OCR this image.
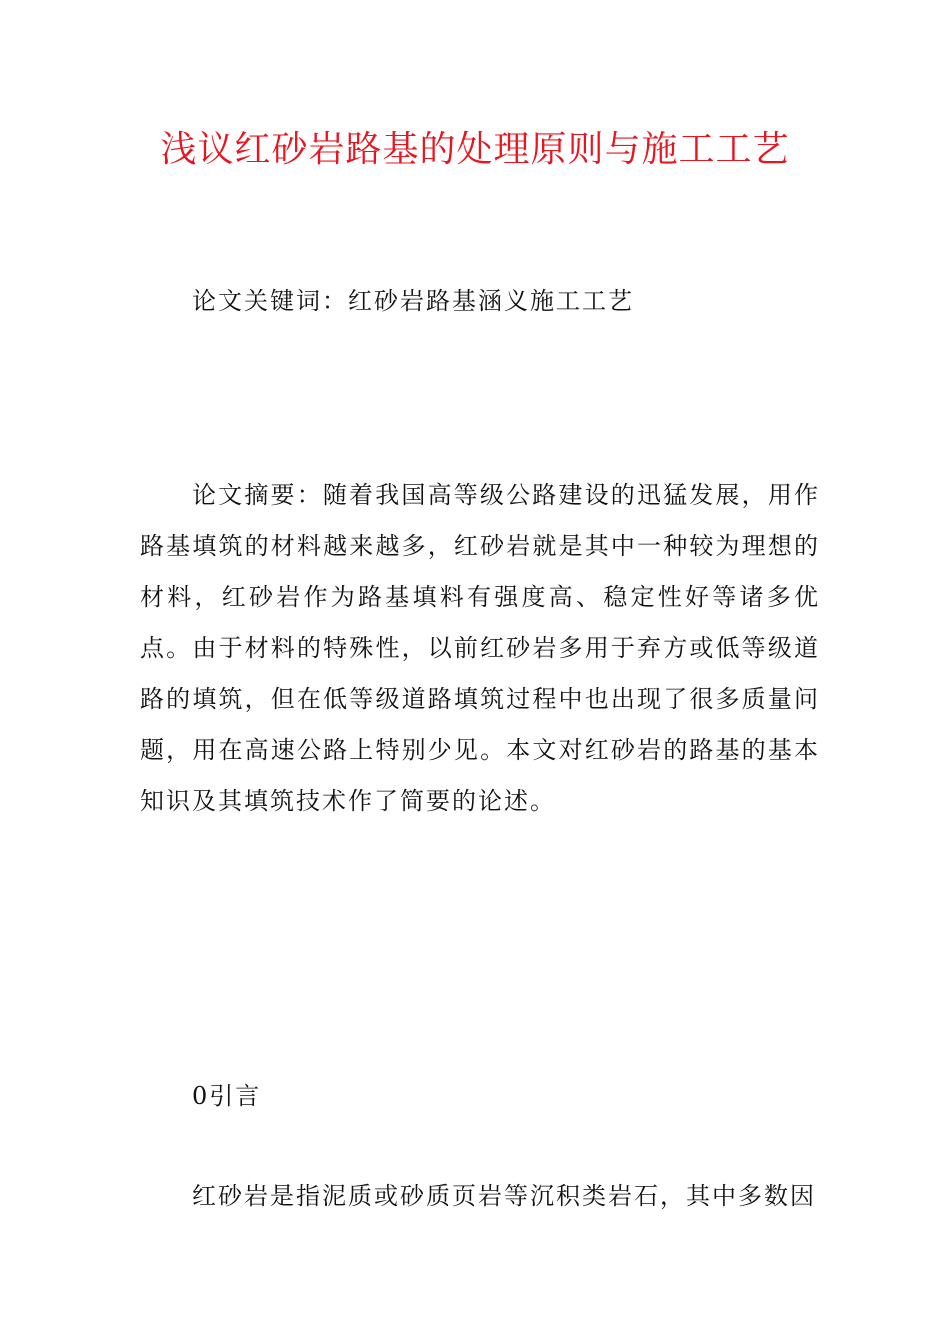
浅议红砂岩路基的处理原则与施工工艺

论文关键词：红砂岩路基涵义施工工艺

论文摘要：随着我国高等级公路建设的迅猛发展，用作路基填筑的材料越来越多，红砂岩就是其中一种较为理想的材料，红砂岩作为路基填料有强度高、稳定性好等诸多优点。由于材料的特殊性，以前红砂岩多用于弃方或低等级道路的填筑，但在低等级道路填筑过程中也出现了很多质量问题，用在高速公路上特别少见。本文对红砂岩的路基的基本知识及其填筑技术作了简要的论述。

0引言

红砂岩是指泥质或砂质页岩等沉积类岩石，其中多数因
